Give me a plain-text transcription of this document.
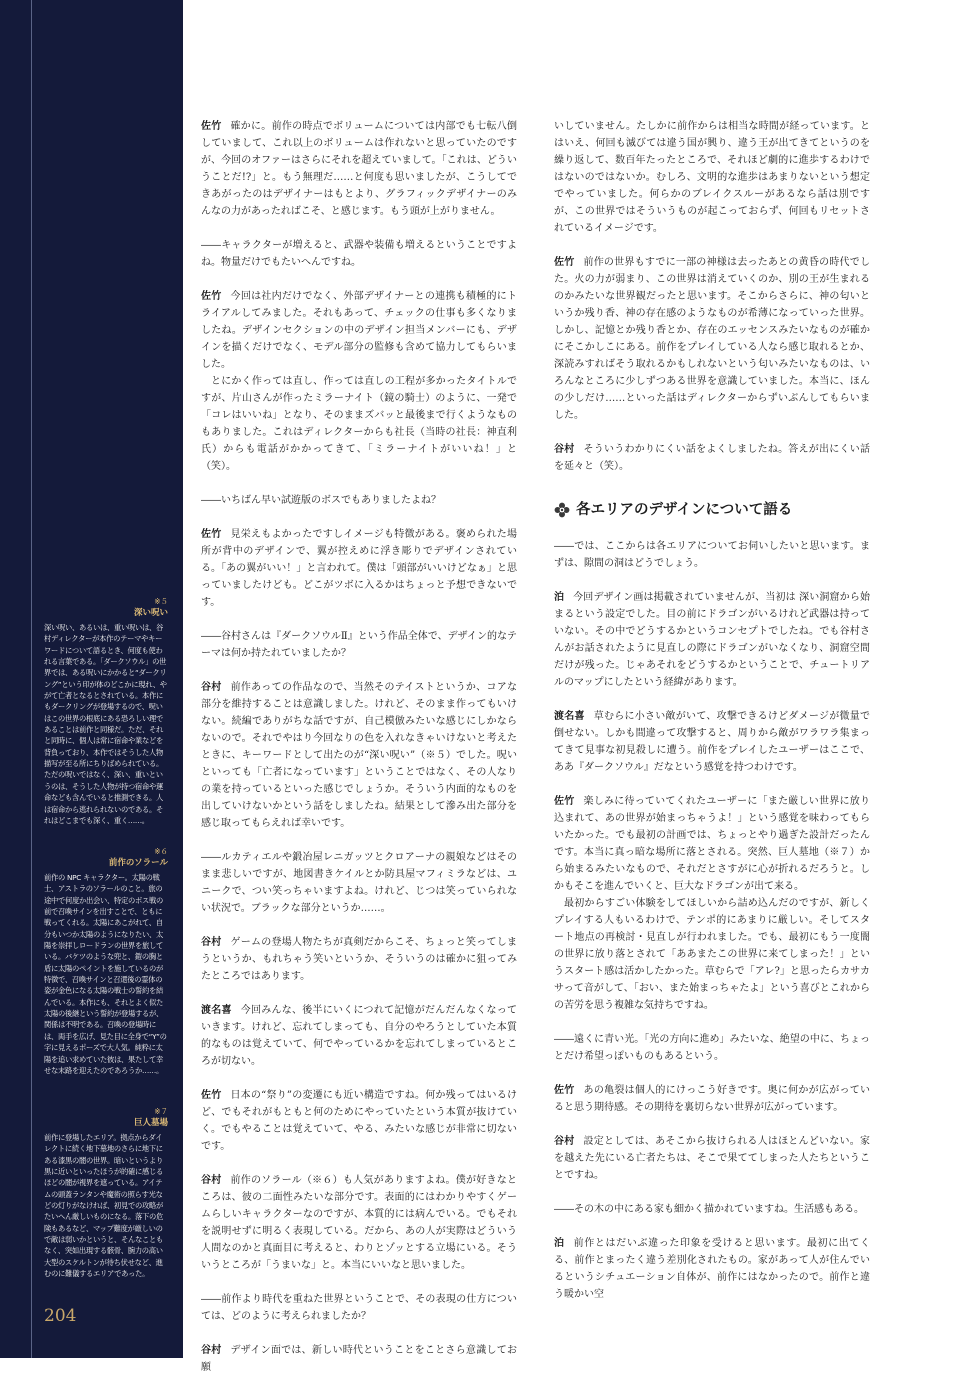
※５
深い呪い
深い呪い、あるいは、重い呪いは、谷村ディレクターが本作のテーマやキーワードについて語るとき、何度も使われる言葉である。「ダークソウル」の世界では、ある呪いにかかると“ダークリング”という印が体のどこかに現れ、やがて亡者となるとされている。本作にもダークリングが登場するので、呪いはこの世界の根底にある恐ろしい理であることは前作と同様だ。ただ、それと同時に、個人は常に宿命や業などを背負っており、本作ではそうした人物描写が至る所にちりばめられている。ただの呪いではなく、深い、重いというのは、そうした人物が持つ宿命や運命なども含んでいると推測できる。人は宿命から逃れられないのである。それはどこまでも深く、重く……。
※６
前作のソラール
前作の NPC キャラクター。太陽の戦士、アストラのソラールのこと。旅の途中で何度か出会い、特定のボス戦の前で召喚サインを出すことで、ともに戦ってくれる。太陽にあこがれて、自分もいつか太陽のようになりたい、太陽を崇拝しロードランの世界を旅している。バケツのような兜と、鎧の胸と盾に太陽のペイントを施しているのが特徴で、召喚サインと召還後の霊体の姿が金色になる太陽の戦士の誓約を結んでいる。本作にも、それとよく似た太陽の後継という誓約が登場するが、関係は不明である。召喚の登場時には、両手を広げ、見た目に全身で“Y”の字に見えるポーズで大人気。純粋に太陽を追い求めていた彼は、果たして幸せな末路を迎えたのであろうか……。
※７
巨人墓場
前作に登場したエリア。拠点からダイレクトに続く地下墓地のさらに地下にある漆黒の闇の世界。暗いというより黒に近いといったほうが的確に感じるほどの闇が視界を遮っている。アイテムの頭蓋ランタンや魔術の照らす光などの灯りがなければ、初見での攻略がたいへん厳しいものになる。落下の危険もあるなど、マップ難度が厳しいので敵は弱いかというと、そんなこともなく、突如出現する骸骨、腕力の高い大型のスケルトンが待ち伏せなど、進むのに難儀するエリアであった。
204
佐竹 確かに。前作の時点でボリュームについては内部でも七転八倒していまして、これ以上のボリュームは作れないと思っていたのですが、今回のオファーはさらにそれを超えていまして。「これは、どういうことだ!?」と。もう無理だ……と何度も思いましたが、こうしてできあがったのはデザイナーはもとより、グラフィックデザイナーのみんなの力があったればこそ、と感じます。もう頭が上がりません。
――キャラクターが増えると、武器や装備も増えるということですよね。物量だけでもたいへんですね。
佐竹 今回は社内だけでなく、外部デザイナーとの連携も積極的にトライアルしてみました。それもあって、チェックの仕事も多くなりましたね。デザインセクションの中のデザイン担当メンバーにも、デザインを描くだけでなく、モデル部分の監修も含めて協力してもらいました。
とにかく作っては直し、作っては直しの工程が多かったタイトルですが、片山さんが作ったミラーナイト（鏡の騎士）のように、一発で「コレはいいね」となり、そのままズバッと最後まで行くようなものもありました。これはディレクターからも社長（当時の社長：神直利氏）からも電話がかかってきて、「ミラーナイトがいいね！」と（笑）。
――いちばん早い試遊版のボスでもありましたよね？
佐竹 見栄えもよかったですしイメージも特徴がある。褒められた場所が背中のデザインで、翼が控えめに浮き彫りでデザインされている。「あの翼がいい！」と言われて。僕は「頭部がいいけどなぁ」と思っていましたけども。どこがツボに入るかはちょっと予想できないです。
――谷村さんは『ダークソウルⅡ』という作品全体で、デザイン的なテーマは何か持たれていましたか？
谷村 前作あっての作品なので、当然そのテイストというか、コアな部分を維持することは意識しました。けれど、そのまま作ってもいけない。続編でありがちな話ですが、自己模倣みたいな感じにしかならないので。それでやはり今回なりの色を入れなきゃいけないと考えたときに、キーワードとして出たのが“深い呪い”（※５）でした。呪いといっても「亡者になっています」ということではなく、その人なりの業を持っているといった感じでしょうか。そういう内面的なものを出していけないかという話をしましたね。結果として滲み出た部分を感じ取ってもらえれば幸いです。
――ルカティエルや鍛冶屋レニガッツとクロアーナの親娘などはそのまま悲しいですが、地図書きケイルとか防具屋マフィミラなどは、ユニークで、つい笑っちゃいますよね。けれど、じつは笑っていられない状況で。ブラックな部分というか……。
谷村 ゲームの登場人物たちが真剣だからこそ、ちょっと笑ってしまうというか、もれちゃう笑いというか、そういうのは確かに狙ってみたところではあります。
渡名喜 今回みんな、後半にいくにつれて記憶がだんだんなくなっていきます。けれど、忘れてしまっても、自分のやろうとしていた本質的なものは覚えていて、何でやっているかを忘れてしまっているところが切ない。
佐竹 日本の“祭り”の変遷にも近い構造ですね。何か残ってはいるけど、でもそれがもともと何のためにやっていたという本質が抜けていく。でもやることは覚えていて、やる、みたいな感じが非常に切ないです。
谷村 前作のソラール（※６）も人気がありますよね。僕が好きなところは、彼の二面性みたいな部分です。表面的にはわかりやすくゲームらしいキャラクターなのですが、本質的には病んでいる。でもそれを説明せずに明るく表現している。だから、あの人が実際はどういう人間なのかと真面目に考えると、わりとゾッとする立場にいる。そういうところが「うまいな」と。本当にいいなと思いました。
――前作より時代を重ねた世界ということで、その表現の仕方については、どのように考えられましたか？
谷村 デザイン面では、新しい時代ということをことさら意識してお願
いしていません。たしかに前作からは相当な時間が経っています。とはいえ、何回も滅びては違う国が興り、違う王が出てきてというのを繰り返して、数百年たったところで、それほど劇的に進歩するわけではないのではないか。むしろ、文明的な進歩はあまりないという想定でやっていました。何らかのブレイクスルーがあるなら話は別ですが、この世界ではそういうものが起こっておらず、何回もリセットされているイメージです。
佐竹 前作の世界もすでに一部の神様は去ったあとの黄昏の時代でした。火の力が弱まり、この世界は消えていくのか、別の王が生まれるのかみたいな世界観だったと思います。そこからさらに、神の匂いというか残り香、神の存在感のようなものが希薄になっていった世界。しかし、記憶とか残り香とか、存在のエッセンスみたいなものが確かにそこかしこにある。前作をプレイしている人なら感じ取れるとか、深読みすればそう取れるかもしれないという匂いみたいなものは、いろんなところに少しずつある世界を意識していました。本当に、ほんの少しだけ……といった話はディレクターからずいぶんしてもらいました。
谷村 そういうわかりにくい話をよくしましたね。答えが出にくい話を延々と（笑）。
各エリアのデザインについて語る
――では、ここからは各エリアについてお伺いしたいと思います。まずは、隙間の洞はどうでしょう。
泊 今回デザイン画は掲載されていませんが、当初は 深い洞窟から始まるという設定でした。目の前にドラゴンがいるけれど武器は持っていない。その中でどうするかというコンセプトでしたね。でも谷村さんがお話されたように見直しの際にドラゴンがいなくなり、洞窟空間だけが残った。じゃあそれをどうするかということで、チュートリアルのマップにしたという経緯があります。
渡名喜 草むらに小さい敵がいて、攻撃できるけどダメージが微量で倒せない。しかも間違って攻撃すると、周りから敵がワラワラ集まってきて見事な初見殺しに遭う。前作をプレイしたユーザーはここで、ああ『ダークソウル』だなという感覚を持つわけです。
佐竹 楽しみに待っていてくれたユーザーに「また厳しい世界に放り込まれて、あの世界が始まっちゃうよ！」という感覚を味わってもらいたかった。でも最初の計画では、ちょっとやり過ぎた設計だったんです。本当に真っ暗な場所に落とされる。突然、巨人墓地（※７）から始まるみたいなもので、それだとさすがに心が折れるだろうと。しかもそこを進んでいくと、巨大なドラゴンが出て来る。
最初からすごい体験をしてほしいから詰め込んだのですが、新しくプレイする人もいるわけで、テンポ的にあまりに厳しい。そしてスタート地点の再検討・見直しが行われました。でも、最初にもう一度闇の世界に放り落とされて「ああまたこの世界に来てしまった！」というスタート感は活かしたかった。草むらで「アレ?」と思ったらカサカサって音がして、「おい、また始まっちゃたよ」という喜びとこれからの苦労を思う複雑な気持ちですね。
――遠くに青い光。「光の方向に進め」みたいな、絶望の中に、ちょっとだけ希望っぽいものもあるという。
佐竹 あの亀裂は個人的にけっこう好きです。奥に何かが広がっていると思う期待感。その期待を裏切らない世界が広がっています。
谷村 設定としては、あそこから抜けられる人はほとんどいない。家を越えた先にいる亡者たちは、そこで果ててしまった人たちということですね。
――その木の中にある家も細かく描かれていますね。生活感もある。
泊 前作とはだいぶ違った印象を受けると思います。最初に出てくる、前作とまったく違う差別化されたもの。家があって人が住んでいるというシチュエーション自体が、前作にはなかったので。前作と違う暖かい空
